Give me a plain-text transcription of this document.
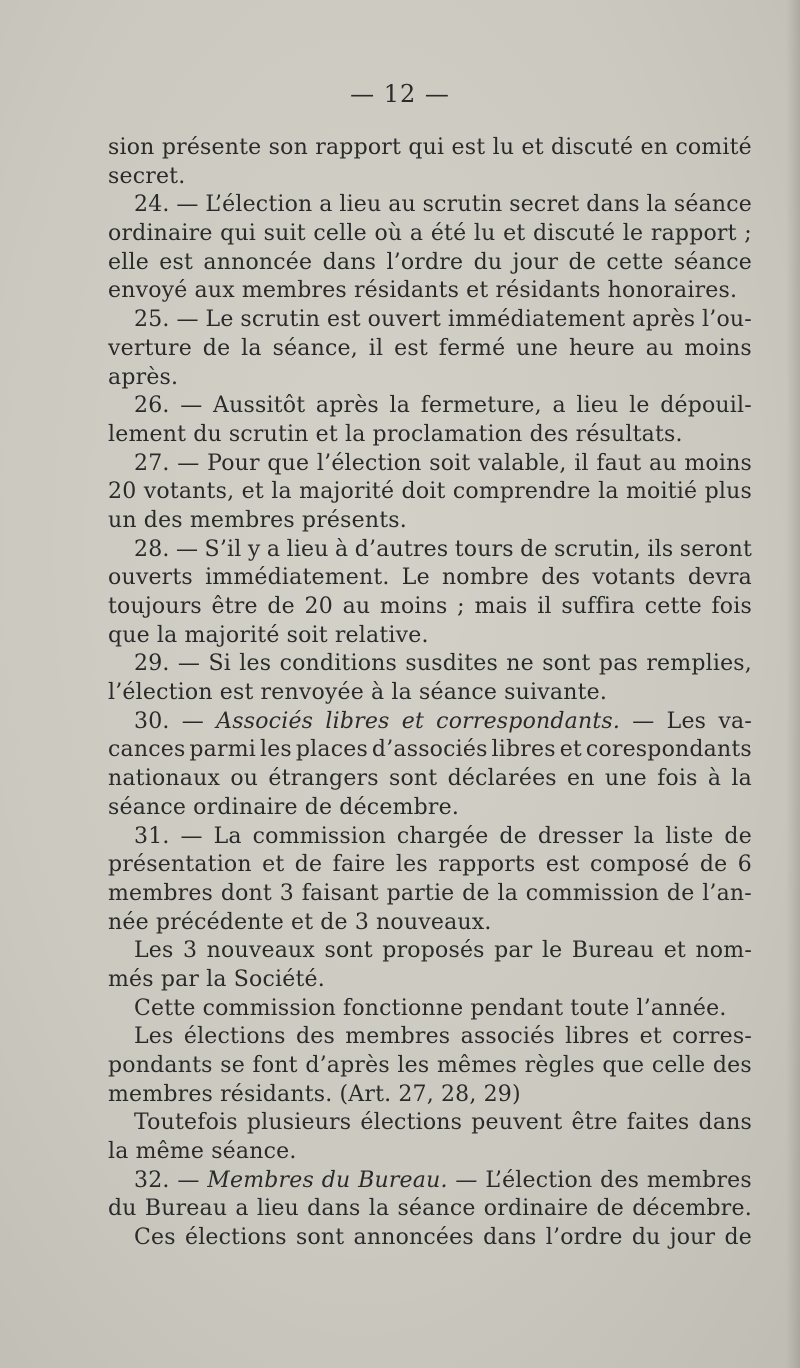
— 12 —
sion présente son rapport qui est lu et discuté en comité
secret.
24. — L’élection a lieu au scrutin secret dans la séance
ordinaire qui suit celle où a été lu et discuté le rapport ;
elle est annoncée dans l’ordre du jour de cette séance
envoyé aux membres résidants et résidants honoraires.
25. — Le scrutin est ouvert immédiatement après l’ou-
verture de la séance, il est fermé une heure au moins
après.
26. — Aussitôt après la fermeture, a lieu le dépouil-
lement du scrutin et la proclamation des résultats.
27. — Pour que l’élection soit valable, il faut au moins
20 votants, et la majorité doit comprendre la moitié plus
un des membres présents.
28. — S’il y a lieu à d’autres tours de scrutin, ils seront
ouverts immédiatement. Le nombre des votants devra
toujours être de 20 au moins ; mais il suffira cette fois
que la majorité soit relative.
29. — Si les conditions susdites ne sont pas remplies,
l’élection est renvoyée à la séance suivante.
30. — Associés libres et correspondants. — Les va-
cances parmi les places d’associés libres et corespondants
nationaux ou étrangers sont déclarées en une fois à la
séance ordinaire de décembre.
31. — La commission chargée de dresser la liste de
présentation et de faire les rapports est composé de 6
membres dont 3 faisant partie de la commission de l’an-
née précédente et de 3 nouveaux.
Les 3 nouveaux sont proposés par le Bureau et nom-
més par la Société.
Cette commission fonctionne pendant toute l’année.
Les élections des membres associés libres et corres-
pondants se font d’après les mêmes règles que celle des
membres résidants. (Art. 27, 28, 29)
Toutefois plusieurs élections peuvent être faites dans
la même séance.
32. — Membres du Bureau. — L’élection des membres
du Bureau a lieu dans la séance ordinaire de décembre.
Ces élections sont annoncées dans l’ordre du jour de
